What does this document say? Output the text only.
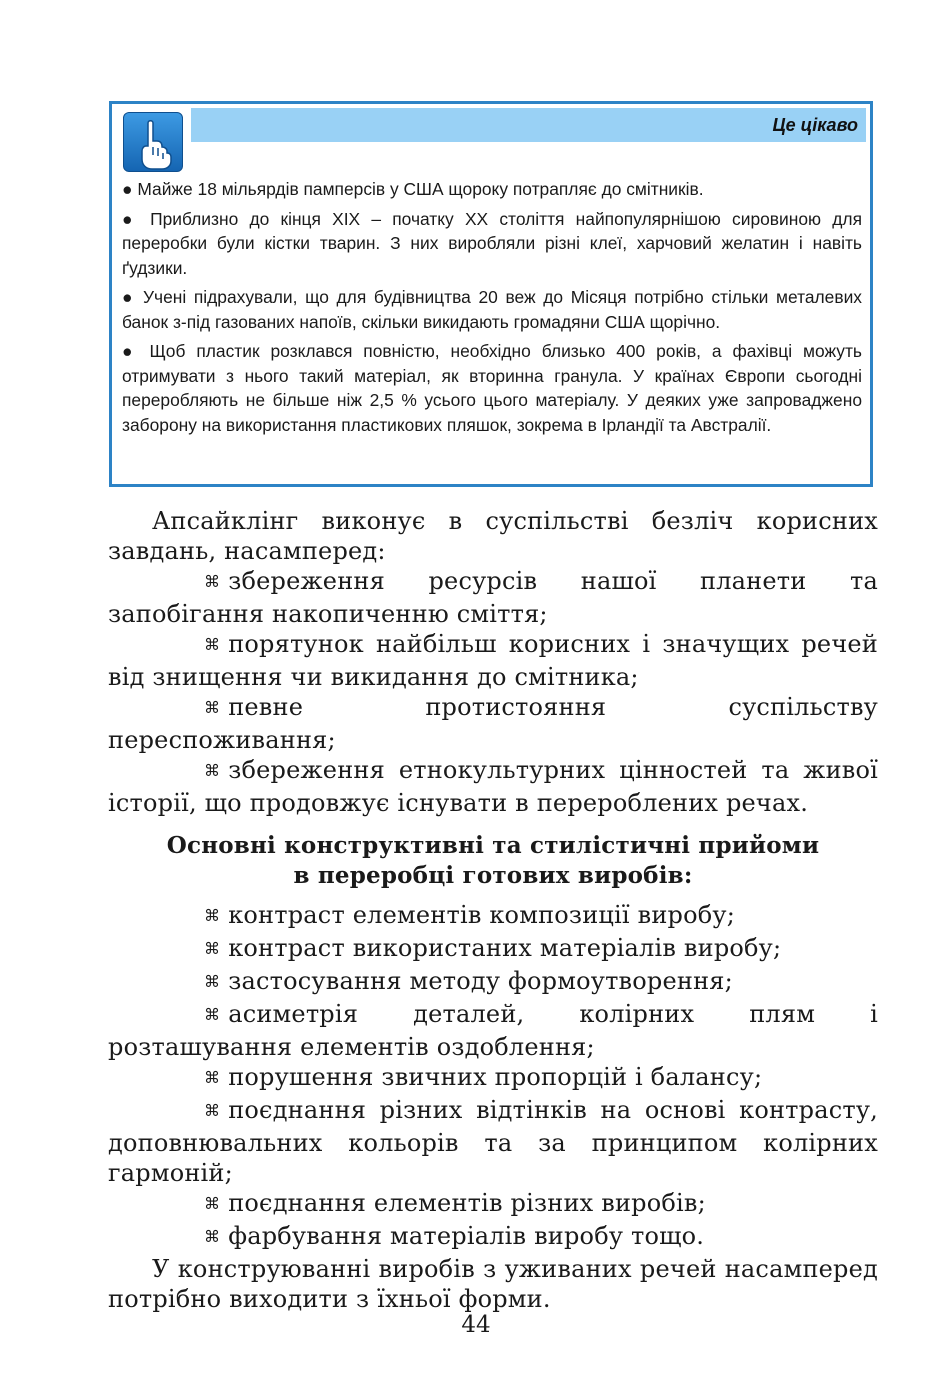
Це цікаво
● Майже 18 мільярдів памперсів у США щороку потрапляє до смітників.
● Приблизно до кінця XIX – початку XX століття найпопулярнішою сировиною для переробки були кістки тварин. З них виробляли різні клеї, харчовий желатин і навіть ґудзики.
● Учені підрахували, що для будівництва 20 веж до Місяця потрібно стільки металевих банок з-під газованих напоїв, скільки викидають громадяни США щорічно.
● Щоб пластик розклався повністю, необхідно близько 400 років, а фахівці можуть отримувати з нього такий матеріал, як вторинна гранула. У країнах Європи сьогодні переробляють не більше ніж 2,5 % усього цього матеріалу. У деяких уже запроваджено заборону на використання пластикових пляшок, зокрема в Ірландії та Австралії.

Апсайклінг виконує в суспільстві безліч корисних завдань, насамперед:

⌘ збереження ресурсів нашої планети та запобігання накопиченню сміття;

⌘ порятунок найбільш корисних і значущих речей від знищення чи викидання до смітника;

⌘ певне протистояння суспільству переспоживання;

⌘ збереження етнокультурних цінностей та живої історії, що продовжує існувати в перероблених речах.

Основні конструктивні та стилістичні прийоми
в переробці готових виробів:

⌘ контраст елементів композиції виробу;

⌘ контраст використаних матеріалів виробу;

⌘ застосування методу формоутворення;

⌘ асиметрія деталей, колірних плям і розташування елементів оздоблення;

⌘ порушення звичних пропорцій і балансу;

⌘ поєднання різних відтінків на основі контрасту, доповнювальних кольорів та за принципом колірних гармоній;

⌘ поєднання елементів різних виробів;

⌘ фарбування матеріалів виробу тощо.

У конструюванні виробів з уживаних речей насамперед потрібно виходити з їхньої форми.

44
